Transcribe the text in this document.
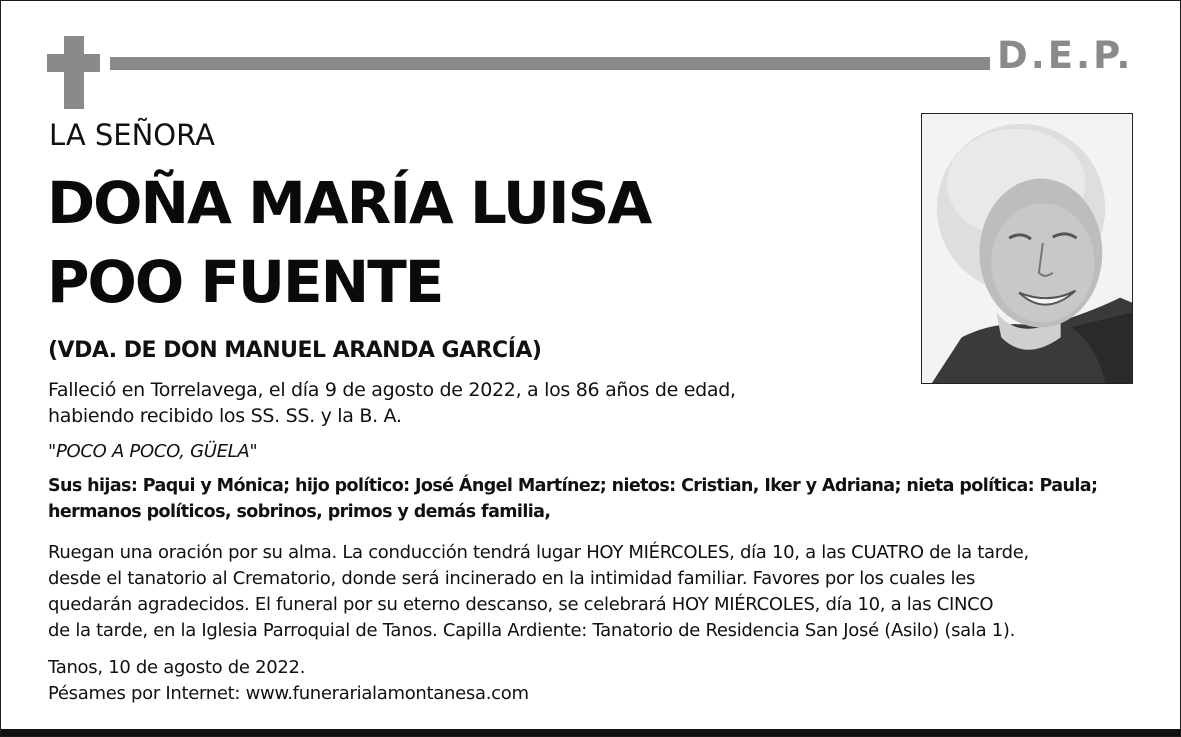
D.E.P.
LA SEÑORA
DOÑA MARÍA LUISA
POO FUENTE
(VDA. DE DON MANUEL ARANDA GARCÍA)
Falleció en Torrelavega, el día 9 de agosto de 2022, a los 86 años de edad,
habiendo recibido los SS. SS. y la B. A.
"POCO A POCO, GÜELA"
Sus hijas: Paqui y Mónica; hijo político: José Ángel Martínez; nietos: Cristian, Iker y Adriana; nieta política: Paula;
hermanos políticos, sobrinos, primos y demás familia,
Ruegan una oración por su alma. La conducción tendrá lugar HOY MIÉRCOLES, día 10, a las CUATRO de la tarde,
desde el tanatorio al Crematorio, donde será incinerado en la intimidad familiar. Favores por los cuales les
quedarán agradecidos. El funeral por su eterno descanso, se celebrará HOY MIÉRCOLES, día 10, a las CINCO
de la tarde, en la Iglesia Parroquial de Tanos. Capilla Ardiente: Tanatorio de Residencia San José (Asilo) (sala 1).
Tanos, 10 de agosto de 2022.
Pésames por Internet: www.funerarialamontanesa.com
